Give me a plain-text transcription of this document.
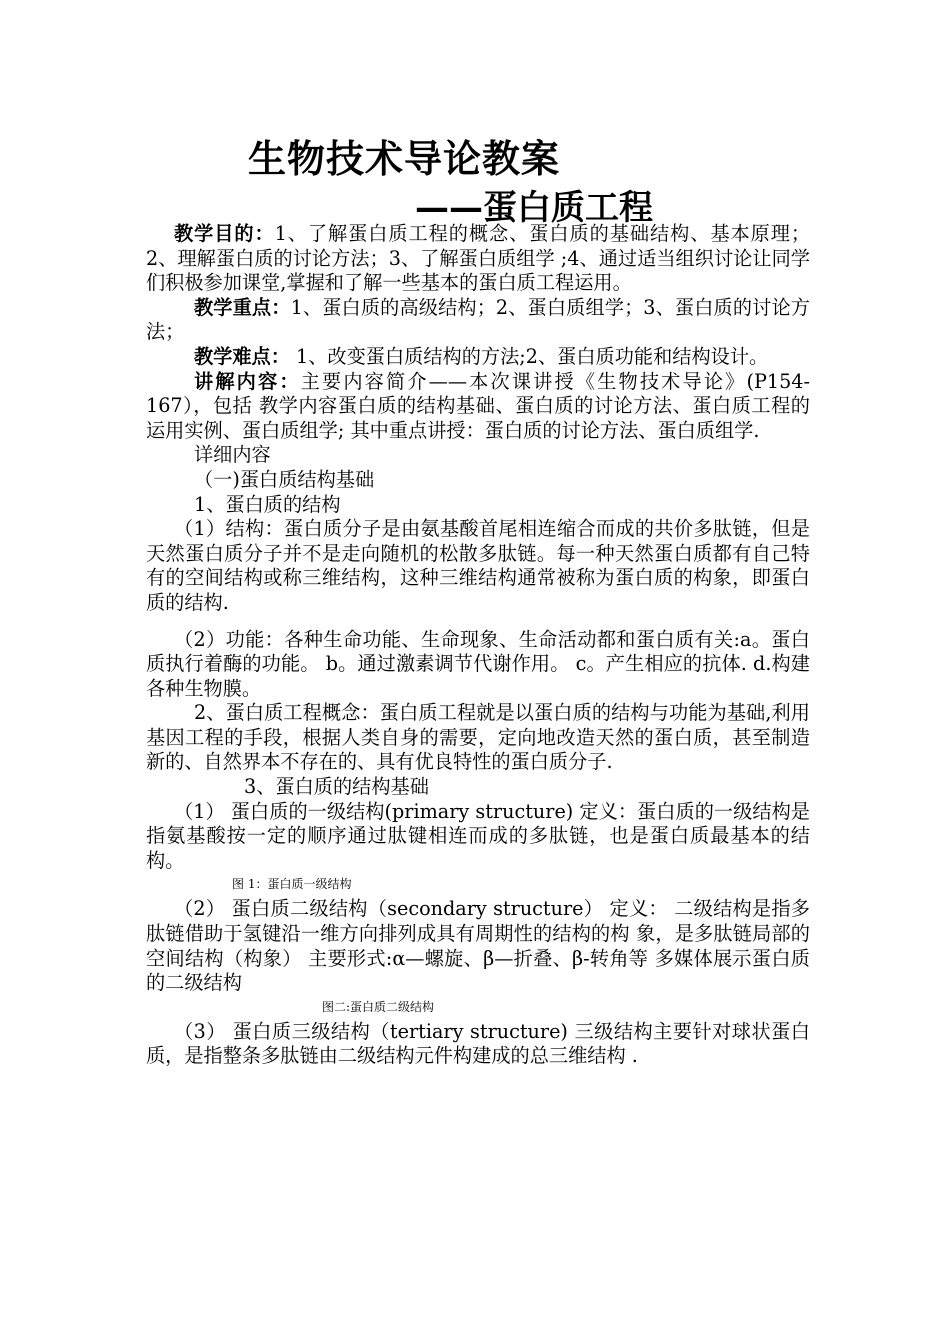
生物技术导论教案
——蛋白质工程

教学目的：1、了解蛋白质工程的概念、蛋白质的基础结构、基本原理；2、理解蛋白质的讨论方法；3、了解蛋白质组学 ;4、通过适当组织讨论让同学们积极参加课堂,掌握和了解一些基本的蛋白质工程运用。

教学重点：1、蛋白质的高级结构；2、蛋白质组学；3、蛋白质的讨论方法；

教学难点： 1、改变蛋白质结构的方法;2、蛋白质功能和结构设计。

讲解内容：主要内容简介——本次课讲授《生物技术导论》(P154-167），包括 教学内容蛋白质的结构基础、蛋白质的讨论方法、蛋白质工程的运用实例、蛋白质组学; 其中重点讲授：蛋白质的讨论方法、蛋白质组学.

详细内容

（一)蛋白质结构基础

1、蛋白质的结构

（1）结构：蛋白质分子是由氨基酸首尾相连缩合而成的共价多肽链，但是天然蛋白质分子并不是走向随机的松散多肽链。每一种天然蛋白质都有自己特有的空间结构或称三维结构，这种三维结构通常被称为蛋白质的构象，即蛋白质的结构.

（2）功能：各种生命功能、生命现象、生命活动都和蛋白质有关:a。蛋白质执行着酶的功能。 b。通过激素调节代谢作用。 c。产生相应的抗体. d.构建各种生物膜。

2、蛋白质工程概念：蛋白质工程就是以蛋白质的结构与功能为基础,利用基因工程的手段，根据人类自身的需要，定向地改造天然的蛋白质，甚至制造新的、自然界本不存在的、具有优良特性的蛋白质分子.

3、蛋白质的结构基础

（1） 蛋白质的一级结构(primary structure) 定义：蛋白质的一级结构是指氨基酸按一定的顺序通过肽键相连而成的多肽链，也是蛋白质最基本的结构。

图 1：蛋白质一级结构

（2） 蛋白质二级结构（secondary structure） 定义： 二级结构是指多肽链借助于氢键沿一维方向排列成具有周期性的结构的构 象，是多肽链局部的空间结构（构象） 主要形式:α—螺旋、β—折叠、β-转角等 多媒体展示蛋白质的二级结构

图二:蛋白质二级结构

（3） 蛋白质三级结构（tertiary structure) 三级结构主要针对球状蛋白质，是指整条多肽链由二级结构元件构建成的总三维结构 .
